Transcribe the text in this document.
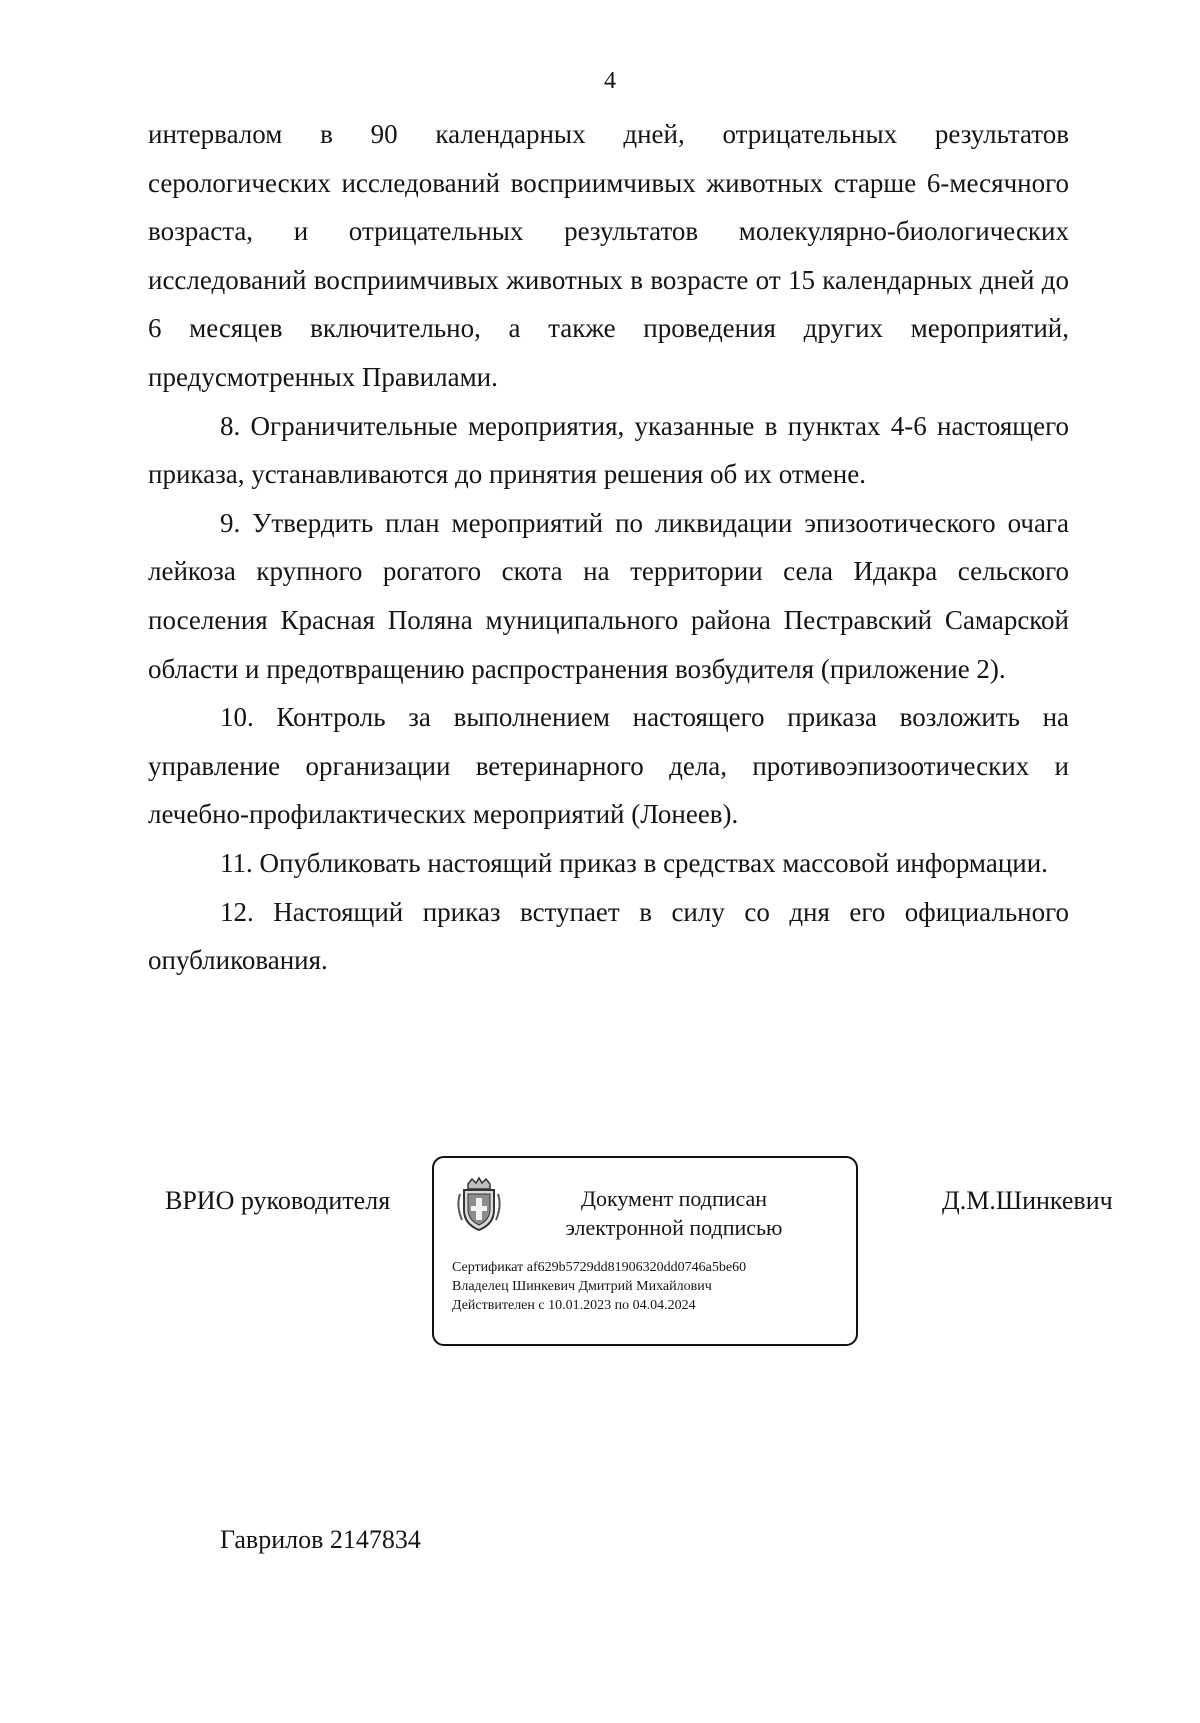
4

интервалом в 90 календарных дней, отрицательных результатов серологических исследований восприимчивых животных старше 6-месячного возраста, и отрицательных результатов молекулярно-биологических исследований восприимчивых животных в возрасте от 15 календарных дней до 6 месяцев включительно, а также проведения других мероприятий, предусмотренных Правилами.

8. Ограничительные мероприятия, указанные в пунктах 4-6 настоящего приказа, устанавливаются до принятия решения об их отмене.

9. Утвердить план мероприятий по ликвидации эпизоотического очага лейкоза крупного рогатого скота на территории села Идакра сельского поселения Красная Поляна муниципального района Пестравский Самарской области и предотвращению распространения возбудителя (приложение 2).

10. Контроль за выполнением настоящего приказа возложить на управление организации ветеринарного дела, противоэпизоотических и лечебно-профилактических мероприятий (Лонеев).

11. Опубликовать настоящий приказ в средствах массовой информации.

12. Настоящий приказ вступает в силу со дня его официального опубликования.

ВРИО руководителя	Документ подписан
электронной подписью
Сертификат af629b5729dd81906320dd0746a5be60
Владелец Шинкевич Дмитрий Михайлович
Действителен с 10.01.2023 по 04.04.2024
Д.М.Шинкевич
Гаврилов 2147834
